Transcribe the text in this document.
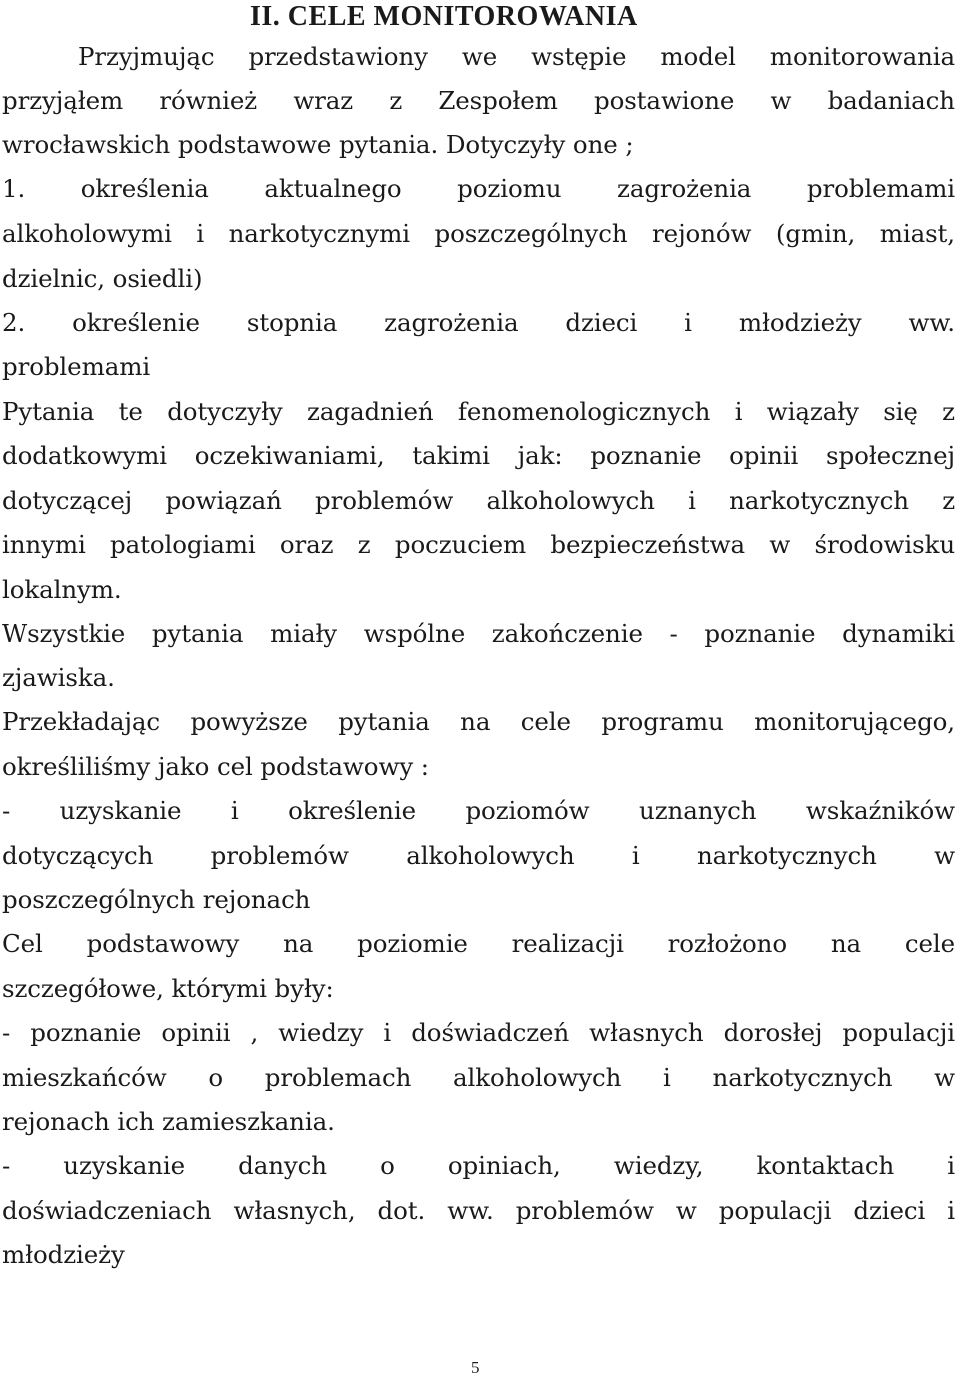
II. CELE MONITOROWANIA
Przyjmując przedstawiony we wstępie model monitorowania
przyjąłem również wraz z Zespołem postawione w badaniach
wrocławskich podstawowe pytania. Dotyczyły one ;
1. określenia aktualnego poziomu zagrożenia problemami
alkoholowymi i narkotycznymi poszczególnych rejonów (gmin, miast,
dzielnic, osiedli)
2. określenie stopnia zagrożenia dzieci i młodzieży ww.
problemami
Pytania te dotyczyły zagadnień fenomenologicznych i wiązały się z
dodatkowymi oczekiwaniami, takimi jak: poznanie opinii społecznej
dotyczącej powiązań problemów alkoholowych i narkotycznych z
innymi patologiami oraz z poczuciem bezpieczeństwa w środowisku
lokalnym.
Wszystkie pytania miały wspólne zakończenie - poznanie dynamiki
zjawiska.
Przekładając powyższe pytania na cele programu monitorującego,
określiliśmy jako cel podstawowy :
- uzyskanie i określenie poziomów uznanych wskaźników
dotyczących problemów alkoholowych i narkotycznych w
poszczególnych rejonach
Cel podstawowy na poziomie realizacji rozłożono na cele
szczegółowe, którymi były:
- poznanie opinii , wiedzy i doświadczeń własnych dorosłej populacji
mieszkańców o problemach alkoholowych i narkotycznych w
rejonach ich zamieszkania.
- uzyskanie danych o opiniach, wiedzy, kontaktach i
doświadczeniach własnych, dot. ww. problemów w populacji dzieci i
młodzieży
5
